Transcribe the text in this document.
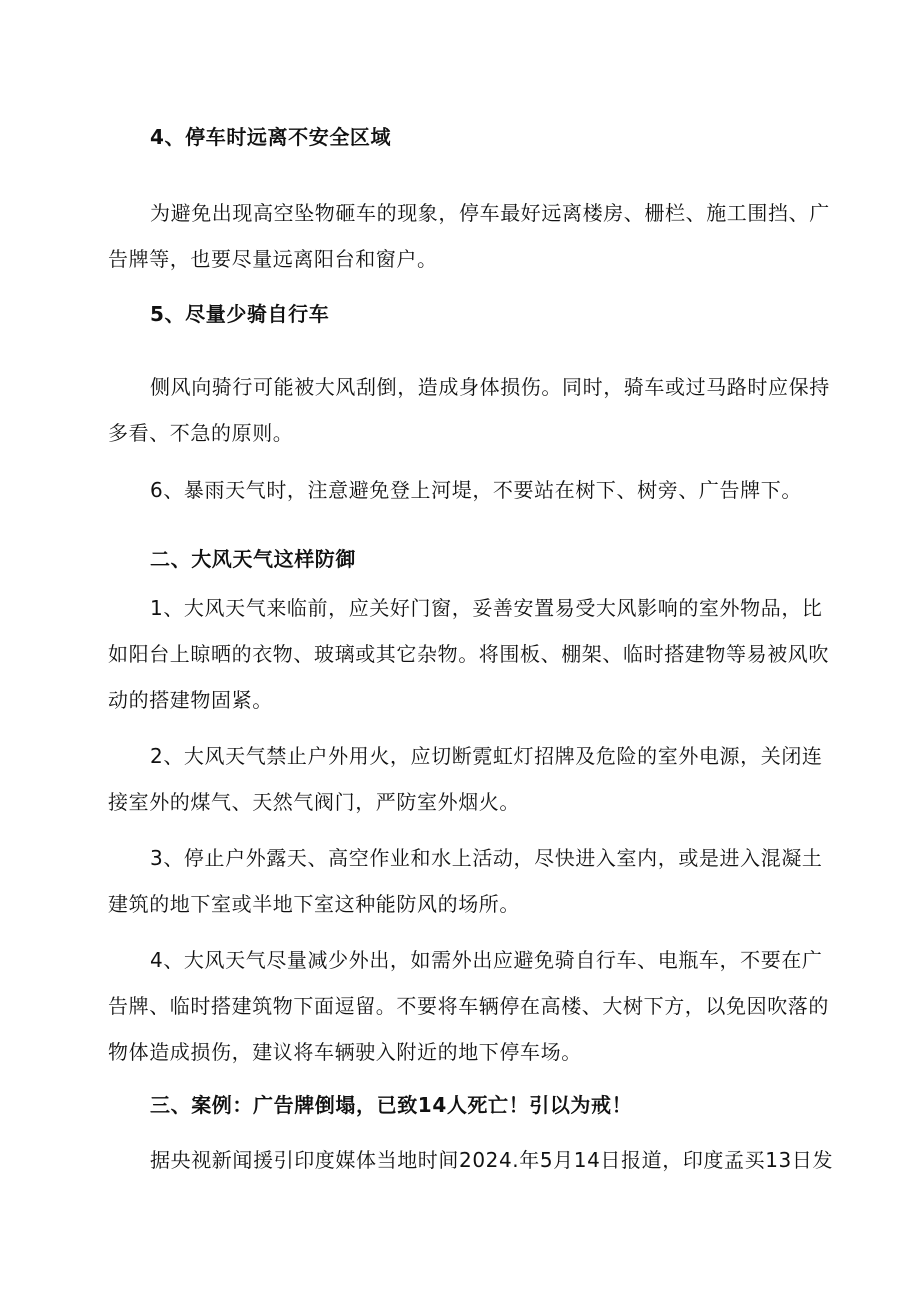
4、停车时远离不安全区域
为避免出现高空坠物砸车的现象，停车最好远离楼房、栅栏、施工围挡、广
告牌等，也要尽量远离阳台和窗户。
5、尽量少骑自行车
侧风向骑行可能被大风刮倒，造成身体损伤。同时，骑车或过马路时应保持
多看、不急的原则。
6、暴雨天气时，注意避免登上河堤，不要站在树下、树旁、广告牌下。
二、大风天气这样防御
1、大风天气来临前，应关好门窗，妥善安置易受大风影响的室外物品，比
如阳台上晾晒的衣物、玻璃或其它杂物。将围板、棚架、临时搭建物等易被风吹
动的搭建物固紧。
2、大风天气禁止户外用火，应切断霓虹灯招牌及危险的室外电源，关闭连
接室外的煤气、天然气阀门，严防室外烟火。
3、停止户外露天、高空作业和水上活动，尽快进入室内，或是进入混凝土
建筑的地下室或半地下室这种能防风的场所。
4、大风天气尽量减少外出，如需外出应避免骑自行车、电瓶车，不要在广
告牌、临时搭建筑物下面逗留。不要将车辆停在高楼、大树下方，以免因吹落的
物体造成损伤，建议将车辆驶入附近的地下停车场。
三、案例：广告牌倒塌，已致14人死亡！引以为戒！
据央视新闻援引印度媒体当地时间2024.年5月14日报道，印度孟买13日发
